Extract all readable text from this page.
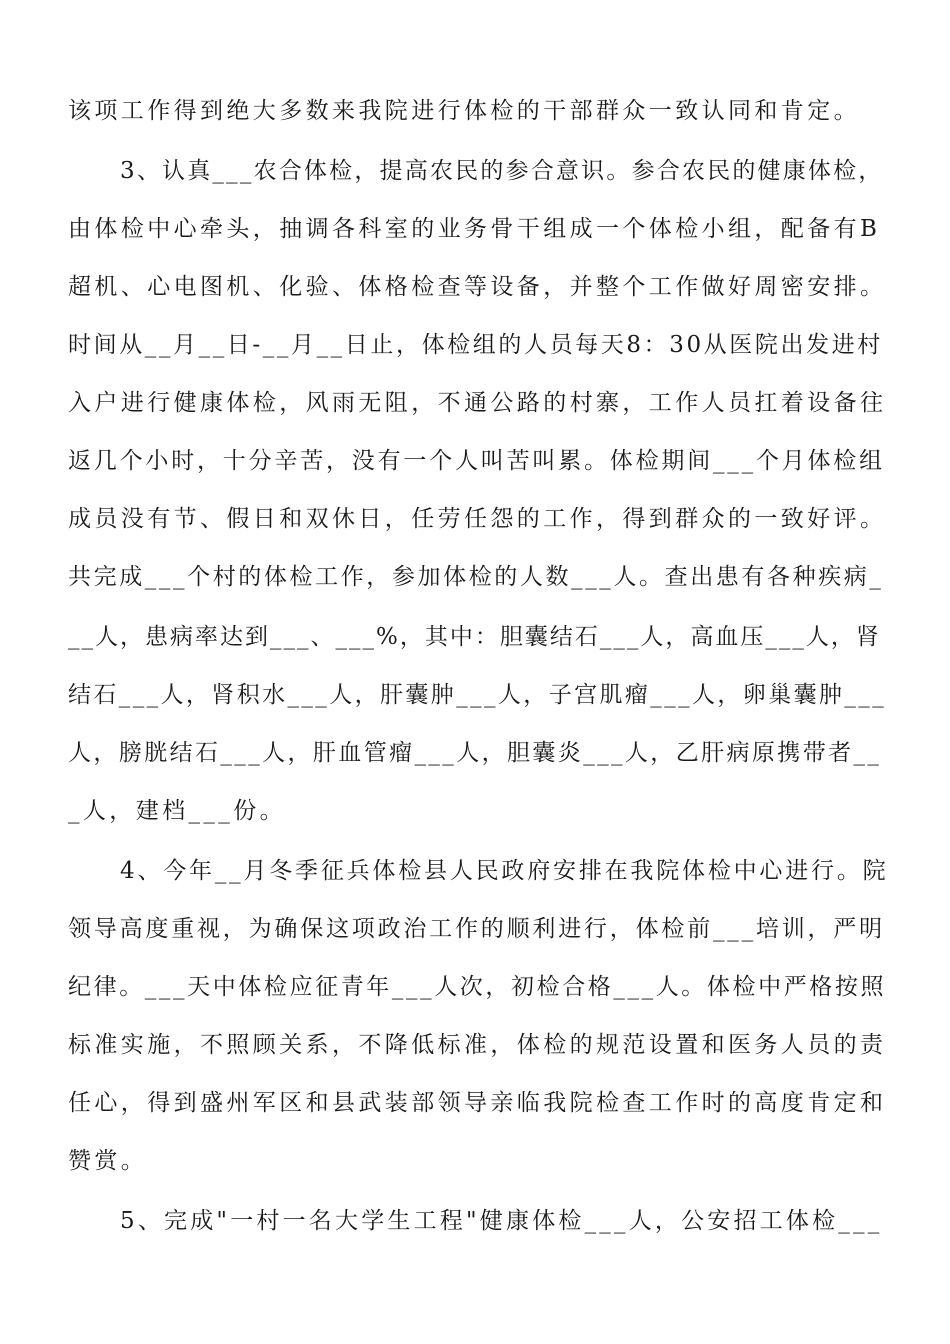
该项工作得到绝大多数来我院进行体检的干部群众一致认同和肯定。
3、认真___农合体检，提高农民的参合意识。参合农民的健康体检，
由体检中心牵头，抽调各科室的业务骨干组成一个体检小组，配备有B
超机、心电图机、化验、体格检查等设备，并整个工作做好周密安排。
时间从__月__日-__月__日止，体检组的人员每天8：30从医院出发进村
入户进行健康体检，风雨无阻，不通公路的村寨，工作人员扛着设备往
返几个小时，十分辛苦，没有一个人叫苦叫累。体检期间___个月体检组
成员没有节、假日和双休日，任劳任怨的工作，得到群众的一致好评。
共完成___个村的体检工作，参加体检的人数___人。查出患有各种疾病_
__人，患病率达到___、___%，其中：胆囊结石___人，高血压___人，肾
结石___人，肾积水___人，肝囊肿___人，子宫肌瘤___人，卵巢囊肿___
人，膀胱结石___人，肝血管瘤___人，胆囊炎___人，乙肝病原携带者__
_人，建档___份。
4、今年__月冬季征兵体检县人民政府安排在我院体检中心进行。院
领导高度重视，为确保这项政治工作的顺利进行，体检前___培训，严明
纪律。___天中体检应征青年___人次，初检合格___人。体检中严格按照
标准实施，不照顾关系，不降低标准，体检的规范设置和医务人员的责
任心，得到盛州军区和县武装部领导亲临我院检查工作时的高度肯定和
赞赏。
5、完成"一村一名大学生工程"健康体检___人，公安招工体检___
